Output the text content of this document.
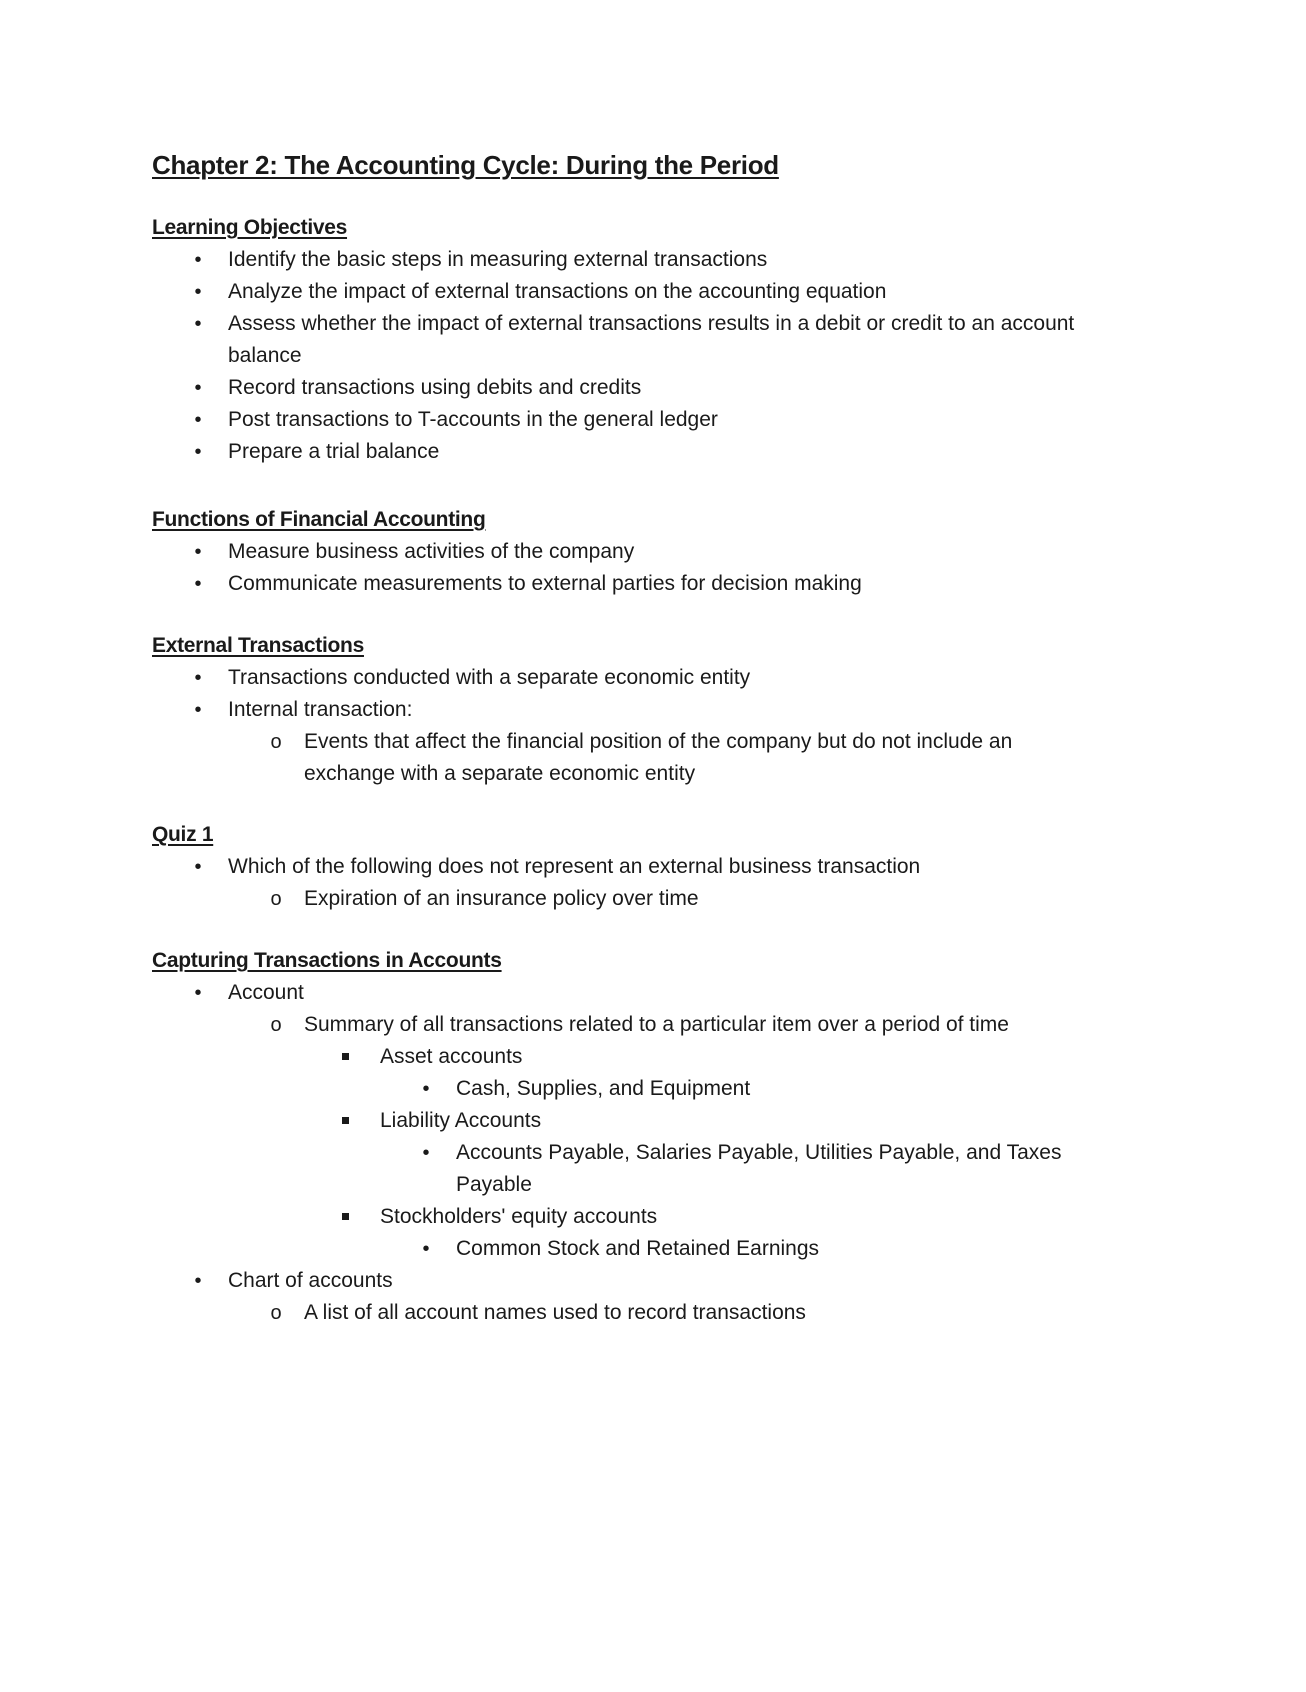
Chapter 2: The Accounting Cycle: During the Period
Learning Objectives
•	Identify the basic steps in measuring external transactions
•	Analyze the impact of external transactions on the accounting equation
•	Assess whether the impact of external transactions results in a debit or credit to an account balance
•	Record transactions using debits and credits
•	Post transactions to T-accounts in the general ledger
•	Prepare a trial balance
Functions of Financial Accounting
•	Measure business activities of the company
•	Communicate measurements to external parties for decision making
External Transactions
•	Transactions conducted with a separate economic entity
•	Internal transaction:
o Events that affect the financial position of the company but do not include an exchange with a separate economic entity
Quiz 1
•	Which of the following does not represent an external business transaction
o Expiration of an insurance policy over time
Capturing Transactions in Accounts
•	Account
o Summary of all transactions related to a particular item over a period of time
Asset accounts
•	Cash, Supplies, and Equipment
Liability Accounts
•	Accounts Payable, Salaries Payable, Utilities Payable, and Taxes Payable
Stockholders' equity accounts
•	Common Stock and Retained Earnings
•	Chart of accounts
o A list of all account names used to record transactions
